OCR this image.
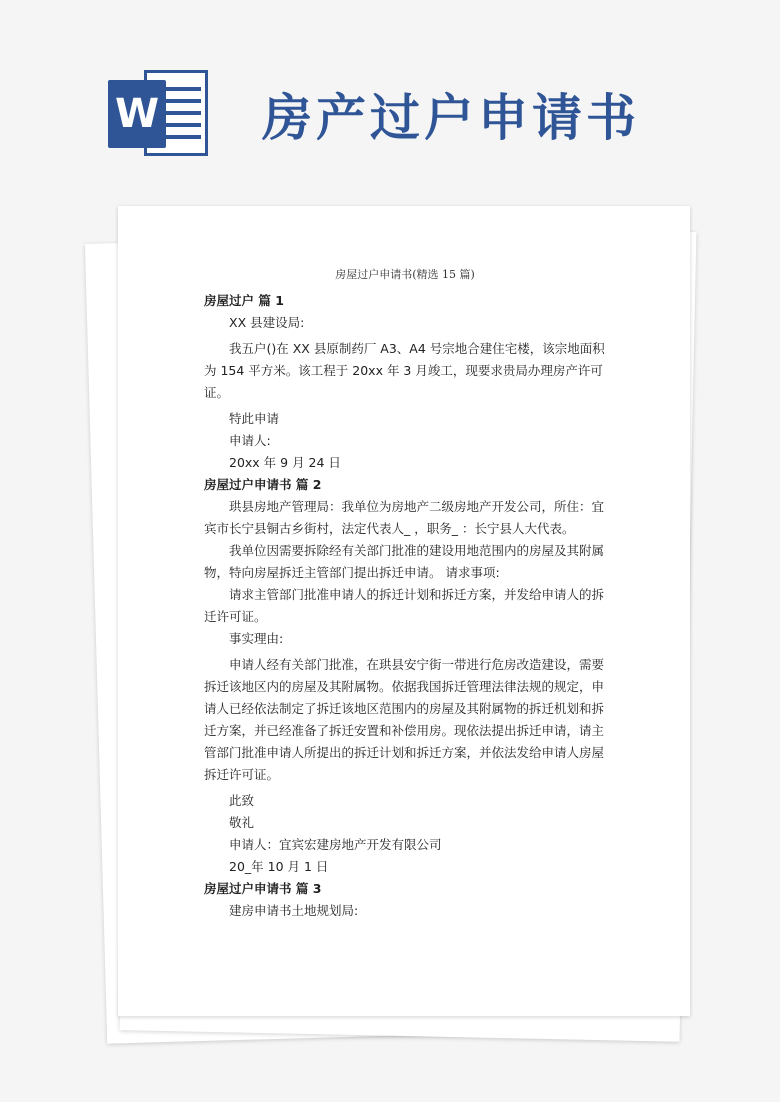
W 房产过户申请书
房屋过户申请书(精选 15 篇)

房屋过户 篇 1

XX 县建设局:

我五户()在 XX 县原制药厂 A3、A4 号宗地合建住宅楼，该宗地面积为 154 平方米。该工程于 20xx 年 3 月竣工，现要求贵局办理房产许可证。

特此申请

申请人:

20xx 年 9 月 24 日

房屋过户申请书 篇 2

珙县房地产管理局：我单位为房地产二级房地产开发公司，所住：宜宾市长宁县铜古乡街村，法定代表人_ ，职务_ ：长宁县人大代表。

我单位因需要拆除经有关部门批准的建设用地范围内的房屋及其附属物，特向房屋拆迁主管部门提出拆迁申请。 请求事项:

请求主管部门批准申请人的拆迁计划和拆迁方案，并发给申请人的拆迁许可证。

事实理由:

申请人经有关部门批准，在珙县安宁街一带进行危房改造建设，需要拆迁该地区内的房屋及其附属物。依据我国拆迁管理法律法规的规定，申请人已经依法制定了拆迁该地区范围内的房屋及其附属物的拆迁机划和拆迁方案，并已经准备了拆迁安置和补偿用房。现依法提出拆迁申请，请主管部门批准申请人所提出的拆迁计划和拆迁方案，并依法发给申请人房屋拆迁许可证。

此致

敬礼

申请人：宜宾宏建房地产开发有限公司

20_年 10 月 1 日

房屋过户申请书 篇 3

建房申请书土地规划局:
